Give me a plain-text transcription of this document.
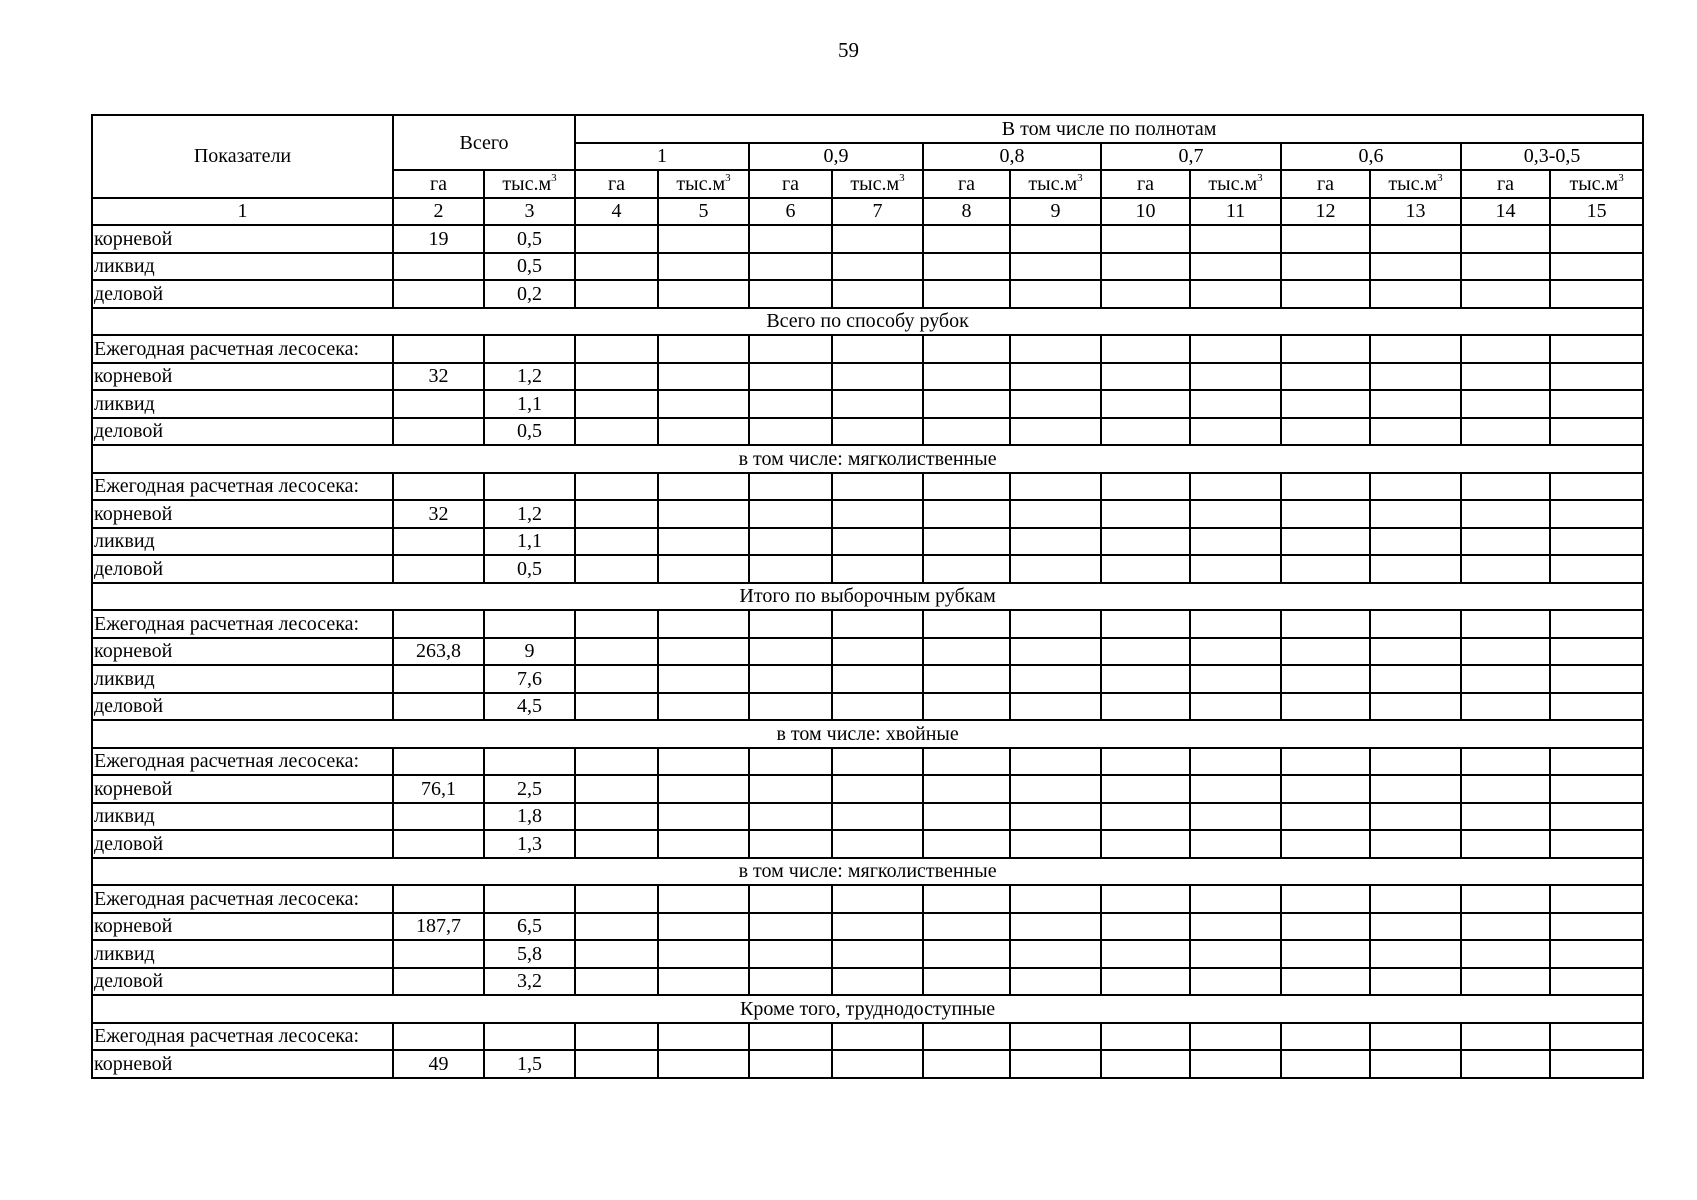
59
Показатели	Всего		В том числе по полнотам											
			1		0,9		0,8		0,7		0,6		0,3-0,5	
	га	$тыс.м^3$	га	$тыс.м^3$	га	$тыс.м^3$	га	$тыс.м^3$	га	$тыс.м^3$	га	$тыс.м^3$	га	$тыс.м^3$
1	2	3	4	5	6	7	8	9	10	11	12	13	14	15
корневой	19	0,5												
ликвид		0,5												
деловой		0,2												
Всего по способу рубок														
Ежегодная расчетная лесосека:														
корневой	32	1,2												
ликвид		1,1												
деловой		0,5												
в том числе: мягколиственные														
Ежегодная расчетная лесосека:														
корневой	32	1,2												
ликвид		1,1												
деловой		0,5												
Итого по выборочным рубкам														
Ежегодная расчетная лесосека:														
корневой	263,8	9												
ликвид		7,6												
деловой		4,5												
в том числе: хвойные														
Ежегодная расчетная лесосека:														
корневой	76,1	2,5												
ликвид		1,8												
деловой		1,3												
в том числе: мягколиственные														
Ежегодная расчетная лесосека:														
корневой	187,7	6,5												
ликвид		5,8												
деловой		3,2												
Кроме того, труднодоступные														
Ежегодная расчетная лесосека:														
корневой	49	1,5												
